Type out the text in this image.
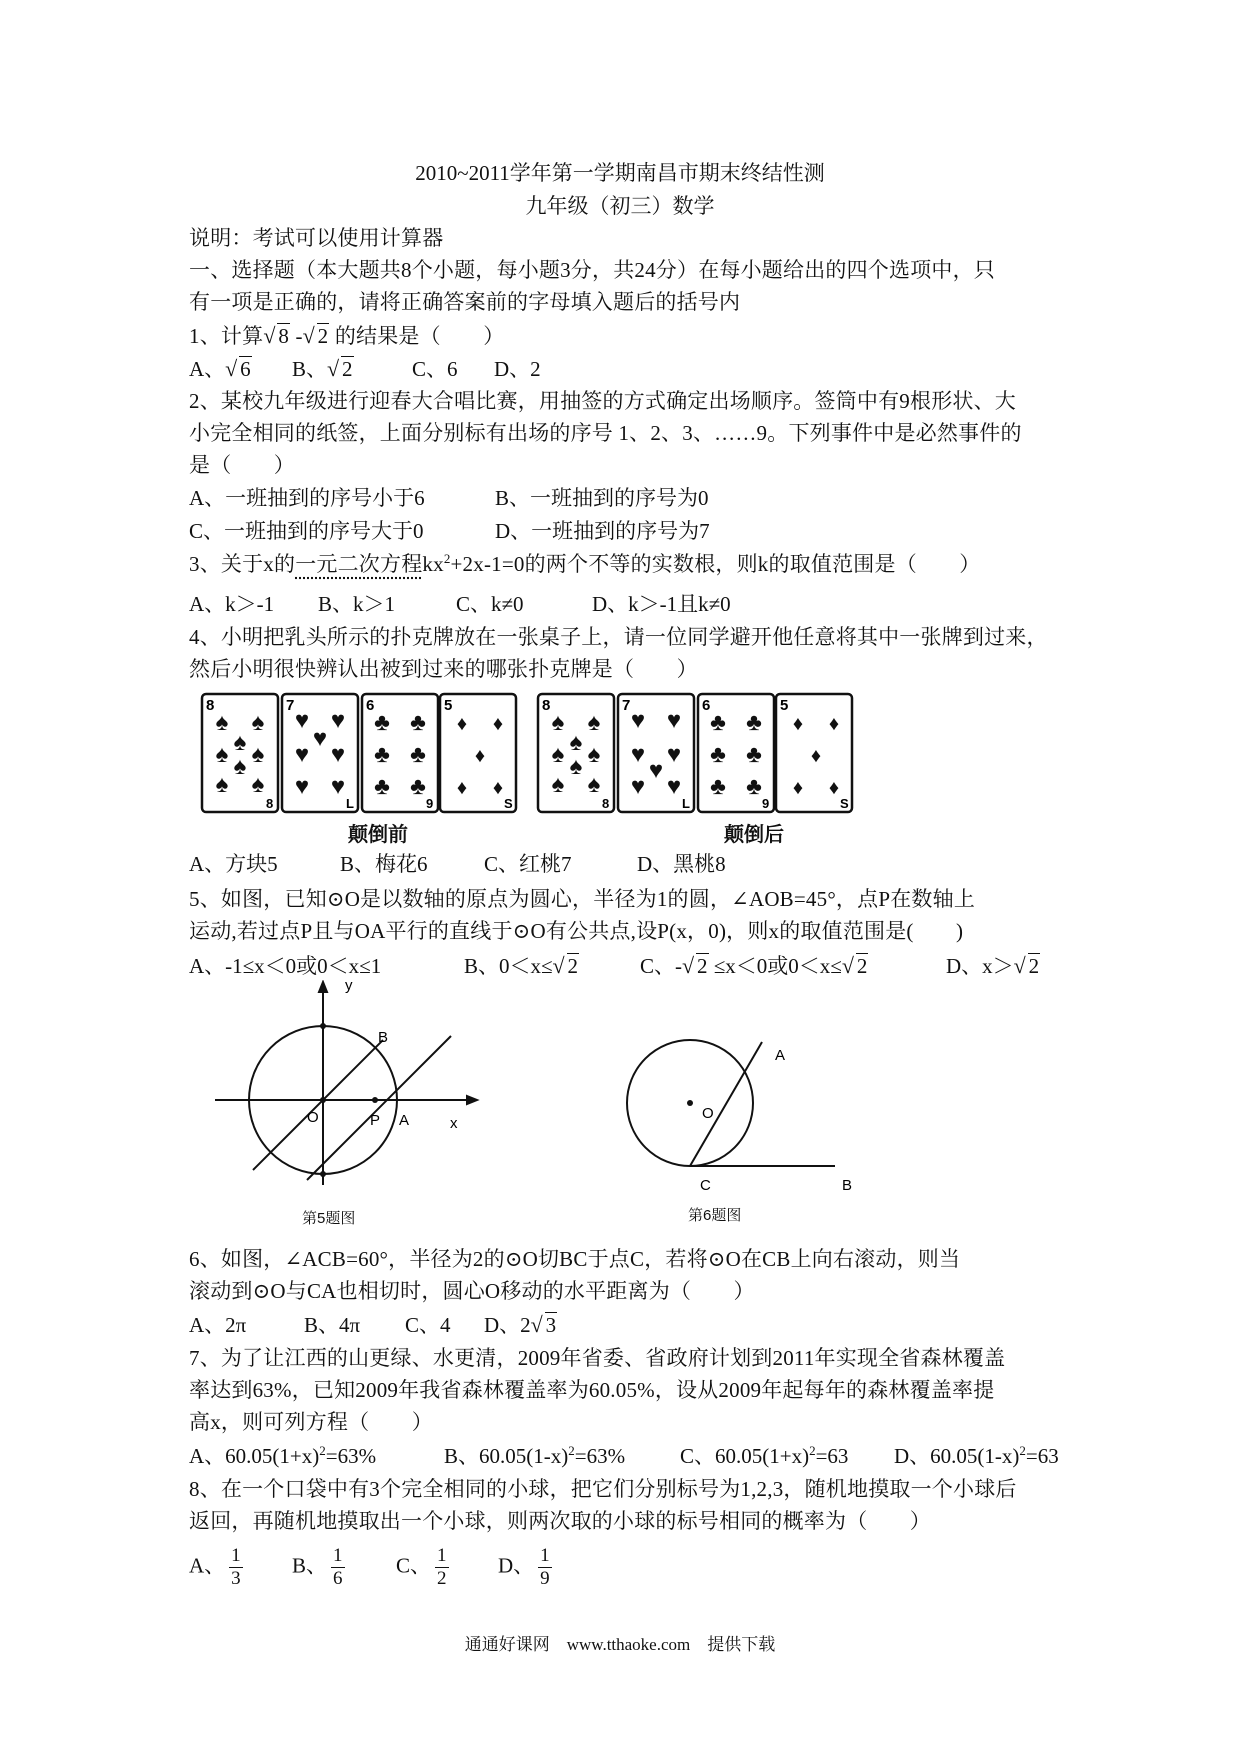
2010~2011学年第一学期南昌市期末终结性测
九年级（初三）数学
说明：考试可以使用计算器
一、选择题（本大题共8个小题，每小题3分，共24分）在每小题给出的四个选项中，只
有一项是正确的，请将正确答案前的字母填入题后的括号内
1、计算 √ 8 - √ 2 的结果是（　　）
A、 √ 6 B、 √ 2	C、6 D、2
2、某校九年级进行迎春大合唱比赛，用抽签的方式确定出场顺序。签筒中有9根形状、大
小完全相同的纸签，上面分别标有出场的序号 1、2、3、……9。下列事件中是必然事件的
是（　　）
A、一班抽到的序号小于6	B、一班抽到的序号为0
C、一班抽到的序号大于0	D、一班抽到的序号为7
3、关于x的一元二次方程$kx^2+2x-1=0$的两个不等的实数根，则k的取值范围是（　　）
A、k＞-1 B、k＞1	C、k≠0	D、k＞-1且k≠0
4、小明把乳头所示的扑克牌放在一张桌子上，请一位同学避开他任意将其中一张牌到过来，
然后小明很快辨认出被到过来的哪张扑克牌是（　　）
8
8
♠ ♠
♠
♠ ♠
♠
♠ ♠
7
L
♥ ♥
♥
♥ ♥
♥ ♥
6
9
♣ ♣
♣ ♣
♣ ♣
5
S
♦ ♦
♦
♦ ♦
8
8
♠ ♠
♠
♠ ♠
♠
♠ ♠
7
L
♥ ♥
♥
♥ ♥
♥ ♥
6
9
♣ ♣
♣ ♣
♣ ♣
5
S
♦ ♦
♦
♦ ♦
颠倒前	颠倒后
A、方块5	B、梅花6	C、红桃7	D、黑桃8
5、如图，已知⊙O是以数轴的原点为圆心，半径为1的圆，∠AOB=45°，点P在数轴上
运动,若过点P且与OA平行的直线于⊙O有公共点,设P(x，0)，则x的取值范围是(　　)
A、-1≤x＜0或0＜x≤1	B、0＜x≤ √ 2	C、- √ 2 ≤x＜0或0＜x≤ √ 2	D、x＞ √ 2
y
x
B
O	P A
第5题图
A
O
C	B
第6题图
6、如图，∠ACB=60°，半径为2的⊙O切BC于点C，若将⊙O在CB上向右滚动，则当
滚动到⊙O与CA也相切时，圆心O移动的水平距离为（　　）
A、2π	B、4π C、4 D、2 √ 3
7、为了让江西的山更绿、水更清，2009年省委、省政府计划到2011年实现全省森林覆盖
率达到63%，已知2009年我省森林覆盖率为60.05%，设从2009年起每年的森林覆盖率提
高x，则可列方程（　　）
A、$60.05(1+x)^2=63\%$	B、$60.05(1-x)^2=63\%$	C、$60.05(1+x)^2=63$ D、$60.05(1-x)^2=63$
8、在一个口袋中有3个完全相同的小球，把它们分别标号为1,2,3，随机地摸取一个小球后
返回，再随机地摸取出一个小球，则两次取的小球的标号相同的概率为（　　）
A、 $\frac{1}{3}$ B、 $\frac{1}{6}$ C、 $\frac{1}{2}$ D、 $\frac{1}{9}$
通通好课网　www.tthaoke.com　提供下载
